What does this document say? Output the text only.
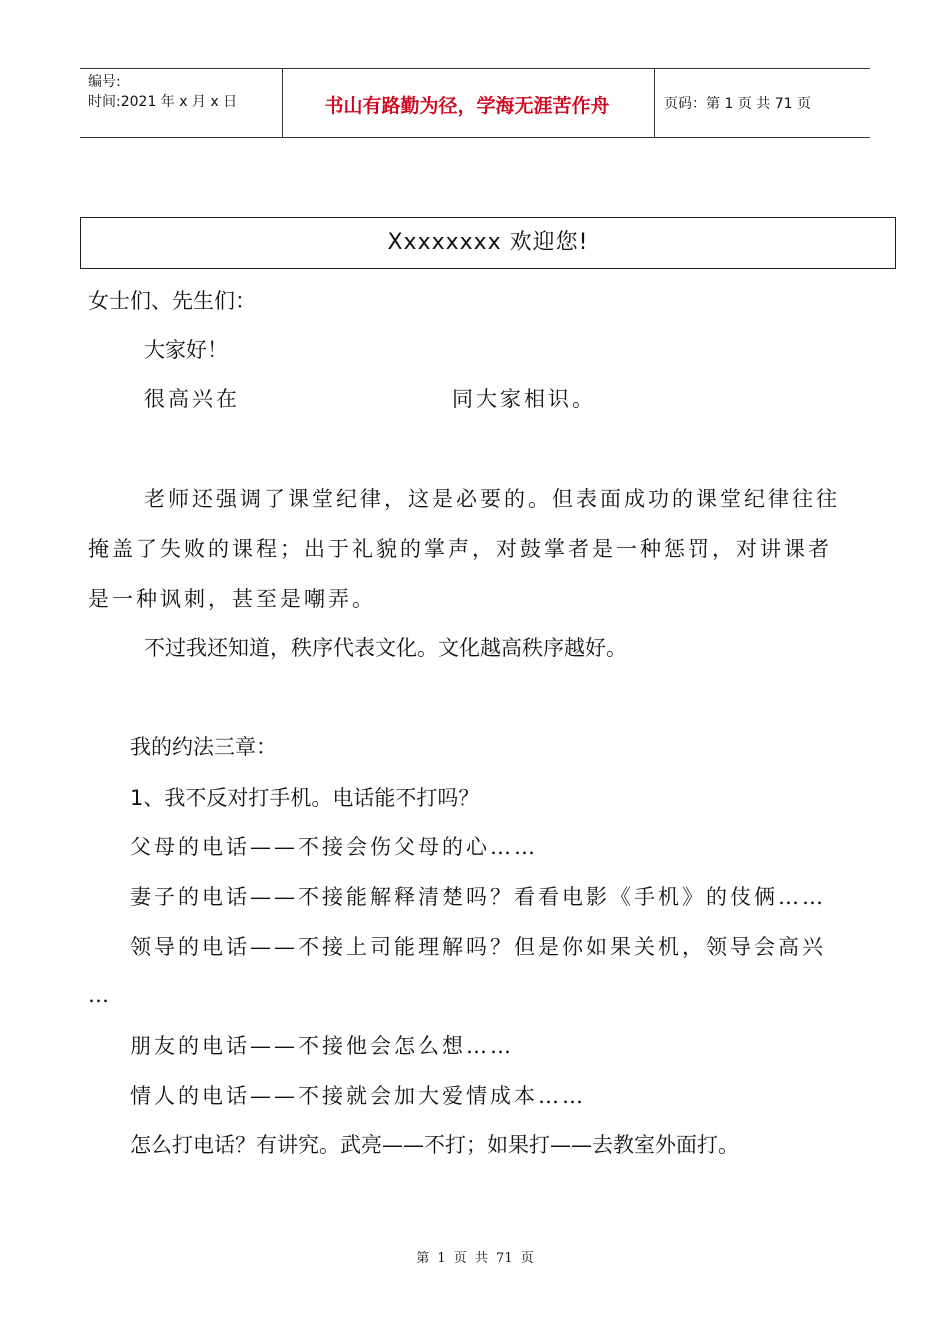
编号:
时间:2021 年 x 月 x 日	书山有路勤为径，学海无涯苦作舟	页码：第 1 页 共 71 页
Xxxxxxxx 欢迎您!
女士们、先生们：
大家好！
很高兴在	同大家相识。
老师还强调了课堂纪律，这是必要的。但表面成功的课堂纪律往往
掩盖了失败的课程；出于礼貌的掌声，对鼓掌者是一种惩罚，对讲课者
是一种讽刺，甚至是嘲弄。
不过我还知道，秩序代表文化。文化越高秩序越好。
我的约法三章：
1、我不反对打手机。电话能不打吗？
父母的电话——不接会伤父母的心……
妻子的电话——不接能解释清楚吗？看看电影《手机》的伎俩……
领导的电话——不接上司能理解吗？但是你如果关机，领导会高兴
…
朋友的电话——不接他会怎么想……
情人的电话——不接就会加大爱情成本……
怎么打电话？有讲究。武亮——不打；如果打——去教室外面打。
第 1 页 共 71 页
